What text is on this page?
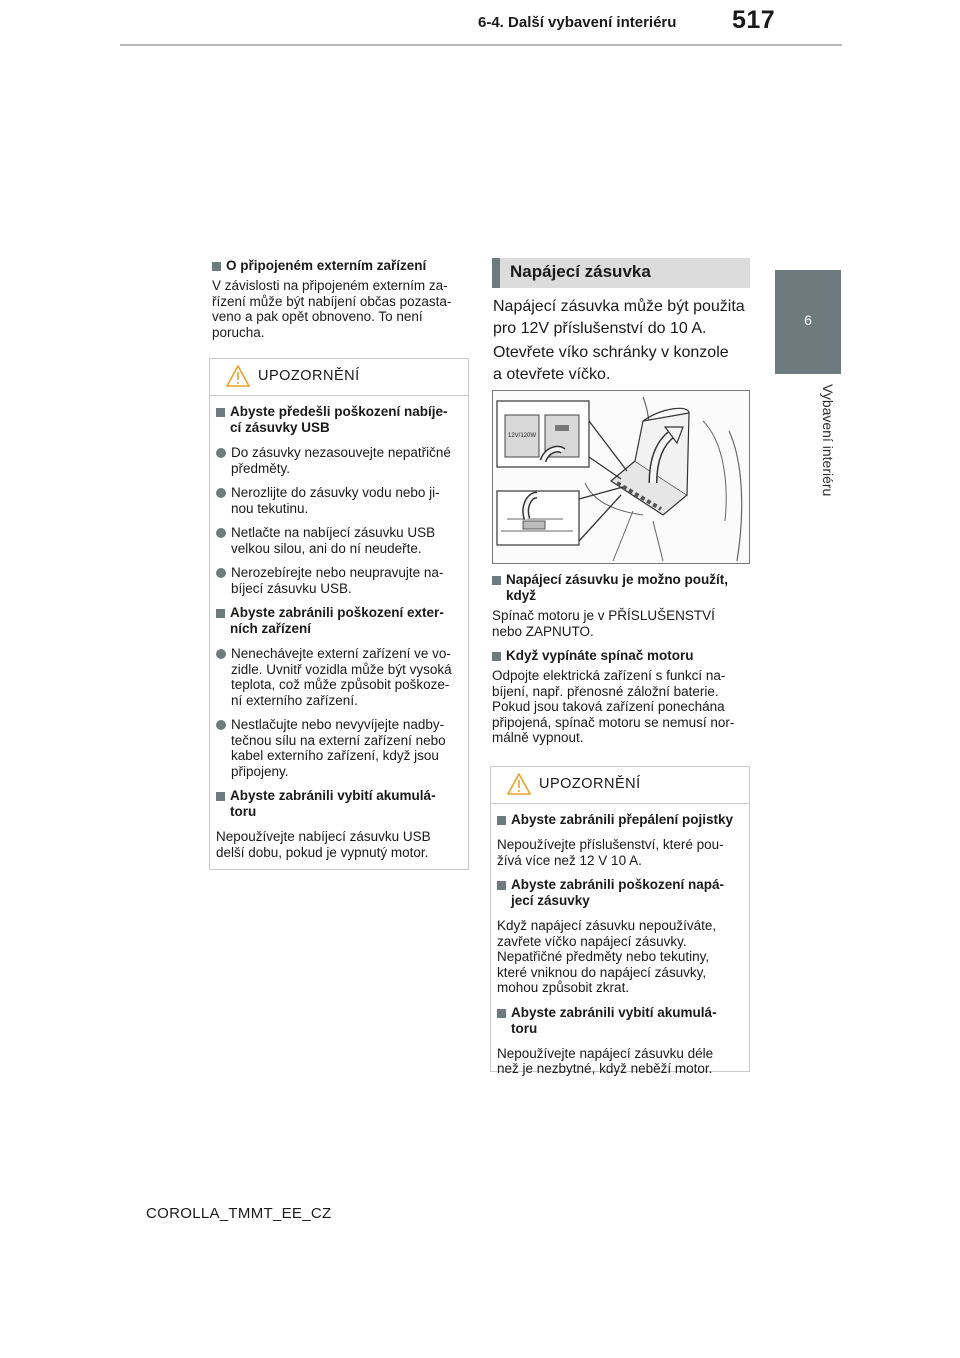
6-4. Další vybavení interiéru 517
6
Vybavení interiéru
O připojeném externím zařízení
V závislosti na připojeném externím za-
řízení může být nabíjení občas pozasta-
veno a pak opět obnoveno. To není
porucha.
UPOZORNĚNÍ
Abyste předešli poškození nabíje-
cí zásuvky USB
Do zásuvky nezasouvejte nepatřičné
předměty.
Nerozlijte do zásuvky vodu nebo ji-
nou tekutinu.
Netlačte na nabíjecí zásuvku USB
velkou silou, ani do ní neudeřte.
Nerozebírejte nebo neupravujte na-
bíjecí zásuvku USB.
Abyste zabránili poškození exter-
ních zařízení
Nenechávejte externí zařízení ve vo-
zidle. Uvnitř vozidla může být vysoká
teplota, což může způsobit poškoze-
ní externího zařízení.
Nestlačujte nebo nevyvíjejte nadby-
tečnou sílu na externí zařízení nebo
kabel externího zařízení, když jsou
připojeny.
Abyste zabránili vybití akumulá-
toru
Nepoužívejte nabíjecí zásuvku USB
delší dobu, pokud je vypnutý motor.
Napájecí zásuvka
Napájecí zásuvka může být použita
pro 12V příslušenství do 10 A.
Otevřete víko schránky v konzole
a otevřete víčko.
12V/120W
Napájecí zásuvku je možno použít,
když
Spínač motoru je v PŘÍSLUŠENSTVÍ
nebo ZAPNUTO.
Když vypínáte spínač motoru
Odpojte elektrická zařízení s funkcí na-
bíjení, např. přenosné záložní baterie.
Pokud jsou taková zařízení ponechána
připojená, spínač motoru se nemusí nor-
málně vypnout.
UPOZORNĚNÍ
Abyste zabránili přepálení pojistky
Nepoužívejte příslušenství, které pou-
žívá více než 12 V 10 A.
Abyste zabránili poškození napá-
jecí zásuvky
Když napájecí zásuvku nepoužíváte,
zavřete víčko napájecí zásuvky.
Nepatřičné předměty nebo tekutiny,
které vniknou do napájecí zásuvky,
mohou způsobit zkrat.
Abyste zabránili vybití akumulá-
toru
Nepoužívejte napájecí zásuvku déle
než je nezbytné, když neběží motor.
COROLLA_TMMT_EE_CZ
